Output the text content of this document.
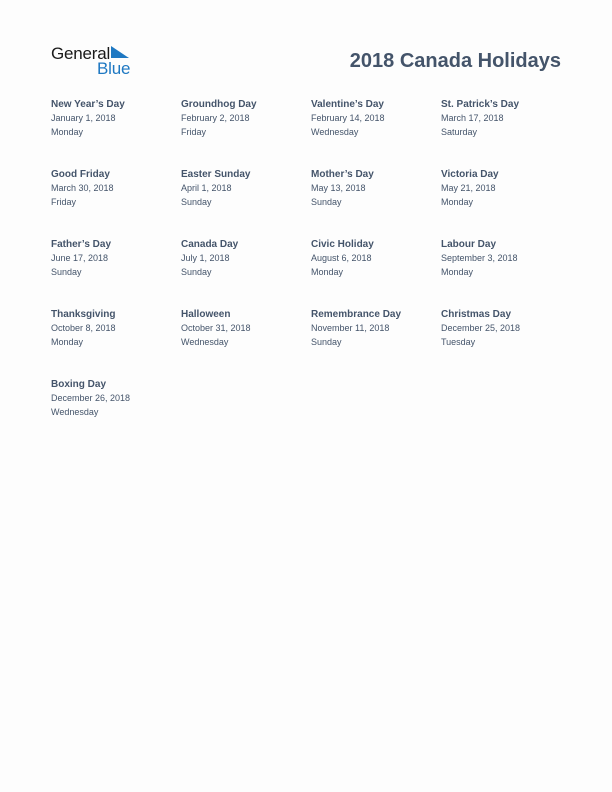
General
Blue	2018 Canada Holidays
New Year’s Day
January 1, 2018
Monday
Groundhog Day
February 2, 2018
Friday
Valentine’s Day
February 14, 2018
Wednesday
St. Patrick’s Day
March 17, 2018
Saturday
Good Friday
March 30, 2018
Friday
Easter Sunday
April 1, 2018
Sunday
Mother’s Day
May 13, 2018
Sunday
Victoria Day
May 21, 2018
Monday
Father’s Day
June 17, 2018
Sunday
Canada Day
July 1, 2018
Sunday
Civic Holiday
August 6, 2018
Monday
Labour Day
September 3, 2018
Monday
Thanksgiving
October 8, 2018
Monday
Halloween
October 31, 2018
Wednesday
Remembrance Day
November 11, 2018
Sunday
Christmas Day
December 25, 2018
Tuesday
Boxing Day
December 26, 2018
Wednesday
